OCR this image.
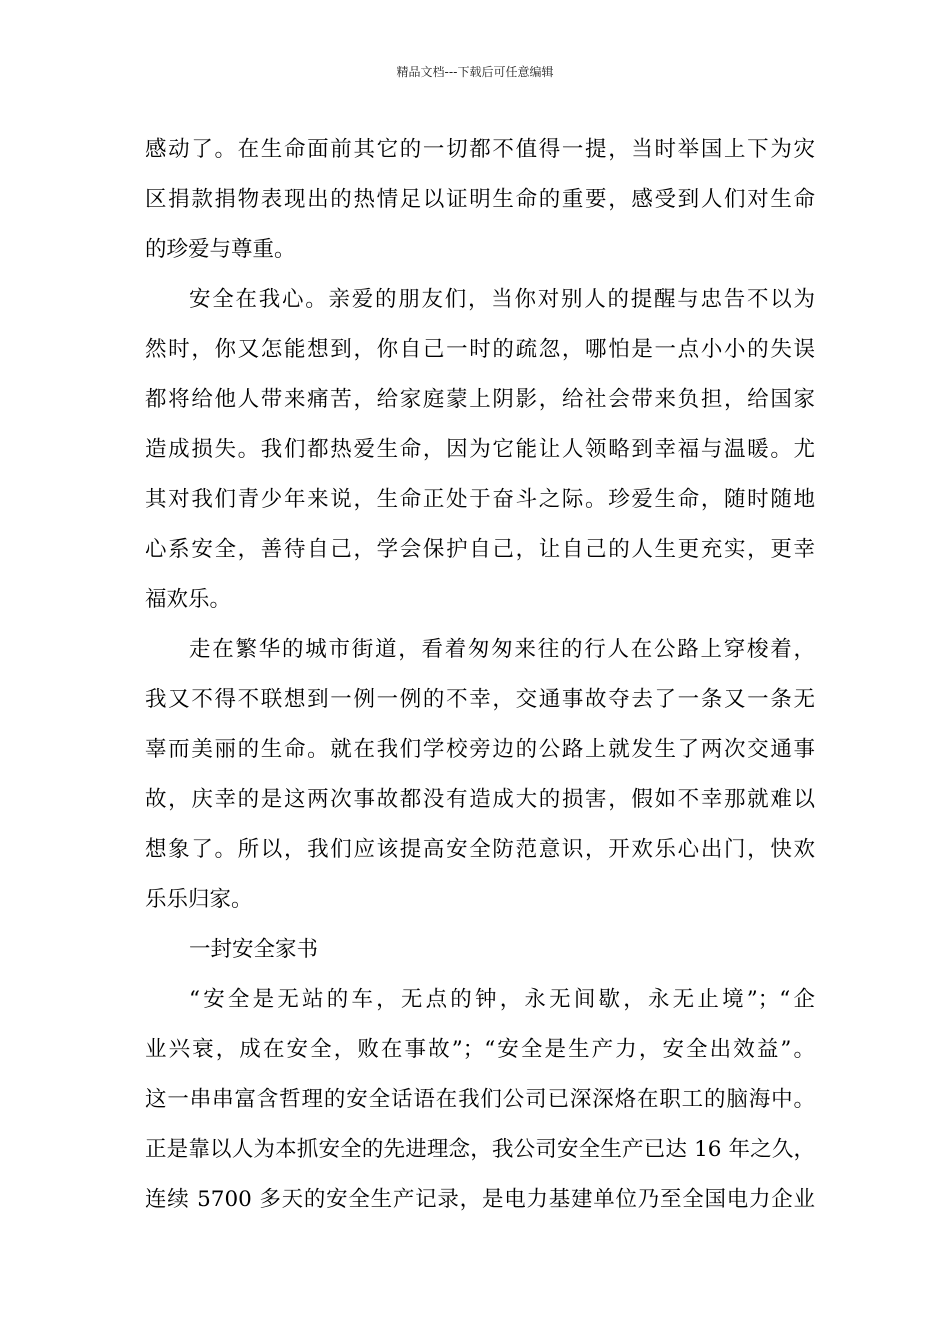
精品文档---下载后可任意编辑
感动了。在生命面前其它的一切都不值得一提，当时举国上下为灾
区捐款捐物表现出的热情足以证明生命的重要，感受到人们对生命
的珍爱与尊重。
安全在我心。亲爱的朋友们，当你对别人的提醒与忠告不以为
然时，你又怎能想到，你自己一时的疏忽，哪怕是一点小小的失误
都将给他人带来痛苦，给家庭蒙上阴影，给社会带来负担，给国家
造成损失。我们都热爱生命，因为它能让人领略到幸福与温暖。尤
其对我们青少年来说，生命正处于奋斗之际。珍爱生命，随时随地
心系安全，善待自己，学会保护自己，让自己的人生更充实，更幸
福欢乐。
走在繁华的城市街道，看着匆匆来往的行人在公路上穿梭着，
我又不得不联想到一例一例的不幸，交通事故夺去了一条又一条无
辜而美丽的生命。就在我们学校旁边的公路上就发生了两次交通事
故，庆幸的是这两次事故都没有造成大的损害，假如不幸那就难以
想象了。所以，我们应该提高安全防范意识，开欢乐心出门，快欢
乐乐归家。
一封安全家书
“安全是无站的车，无点的钟，永无间歇，永无止境”；“企
业兴衰，成在安全，败在事故”；“安全是生产力，安全出效益”。
这一串串富含哲理的安全话语在我们公司已深深烙在职工的脑海中。
正是靠以人为本抓安全的先进理念，我公司安全生产已达 16 年之久，
连续 5700 多天的安全生产记录，是电力基建单位乃至全国电力企业
